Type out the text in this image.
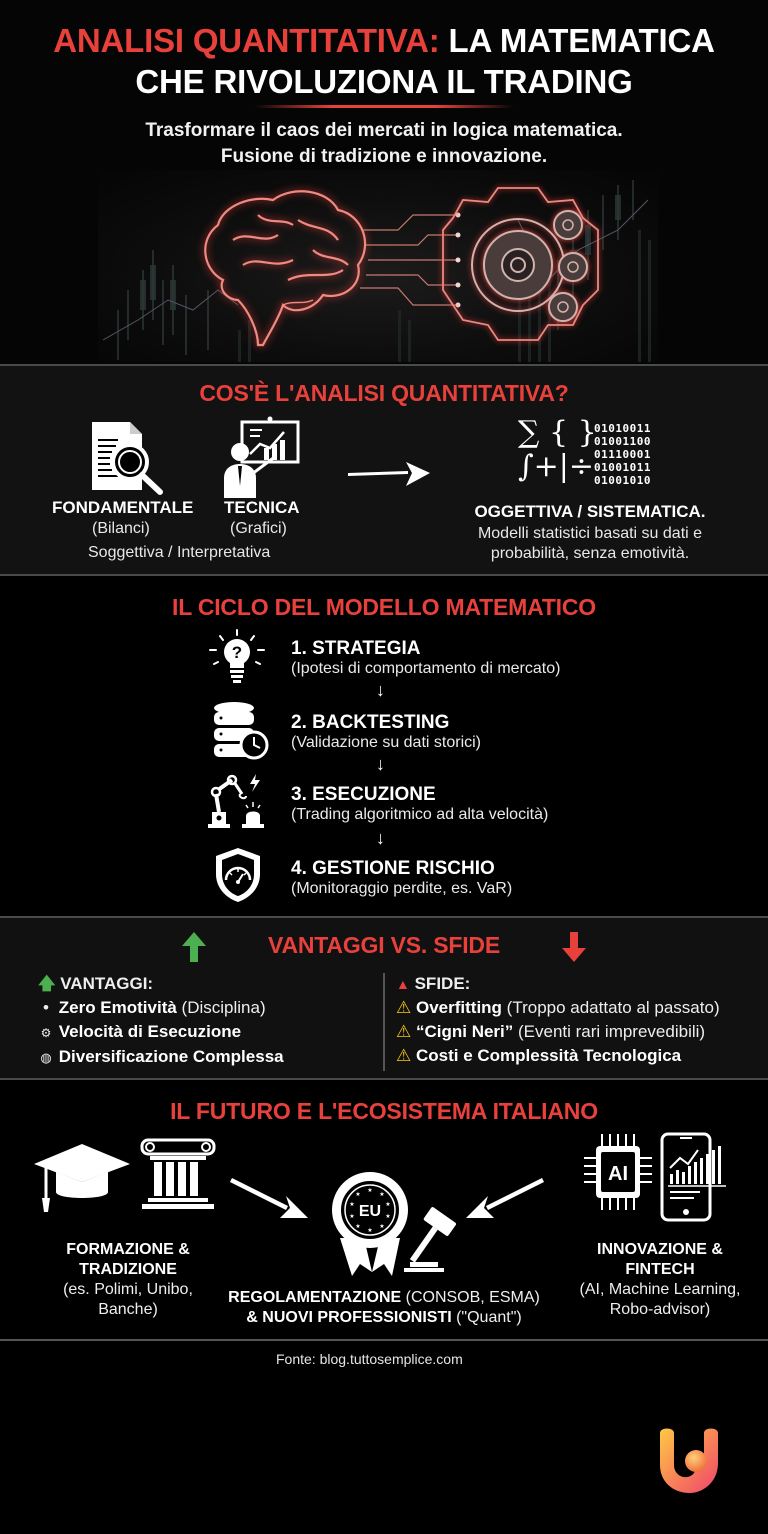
ANALISI QUANTITATIVA: LA MATEMATICA
CHE RIVOLUZIONA IL TRADING
Trasformare il caos dei mercati in logica matematica.
Fusione di tradizione e innovazione.
COS'È L'ANALISI QUANTITATIVA?
FONDAMENTALE
(Bilanci)
TECNICA
(Grafici)
Soggettiva / Interpretativa
∑ { }
∫+|÷
01010011
01001100
01110001
01001011
01001010
OGGETTIVA / SISTEMATICA.
Modelli statistici basati su dati e
probabilità, senza emotività.
IL CICLO DEL MODELLO MATEMATICO
?	1. STRATEGIA
(Ipotesi di comportamento di mercato)
↓
2. BACKTESTING
(Validazione su dati storici)
↓
3. ESECUZIONE
(Trading algoritmico ad alta velocità)
↓
4. GESTIONE RISCHIO
(Monitoraggio perdite, es. VaR)
VANTAGGI VS. SFIDE
🡅 VANTAGGI:
• Zero Emotività (Disciplina)
⚙ Velocità di Esecuzione
◍ Diversificazione Complessa
▲ SFIDE:
⚠ Overfitting (Troppo adattato al passato)
⚠ “Cigni Neri” (Eventi rari imprevedibili)
⚠ Costi e Complessità Tecnologica
IL FUTURO E L'ECOSISTEMA ITALIANO
EU
★
★
★
★
★
★
★
★
★
★
AI
FORMAZIONE &
TRADIZIONE
(es. Polimi, Unibo,
Banche)
REGOLAMENTAZIONE (CONSOB, ESMA)
& NUOVI PROFESSIONISTI ("Quant")
INNOVAZIONE &
FINTECH
(AI, Machine Learning,
Robo-advisor)
Fonte: blog.tuttosemplice.com
